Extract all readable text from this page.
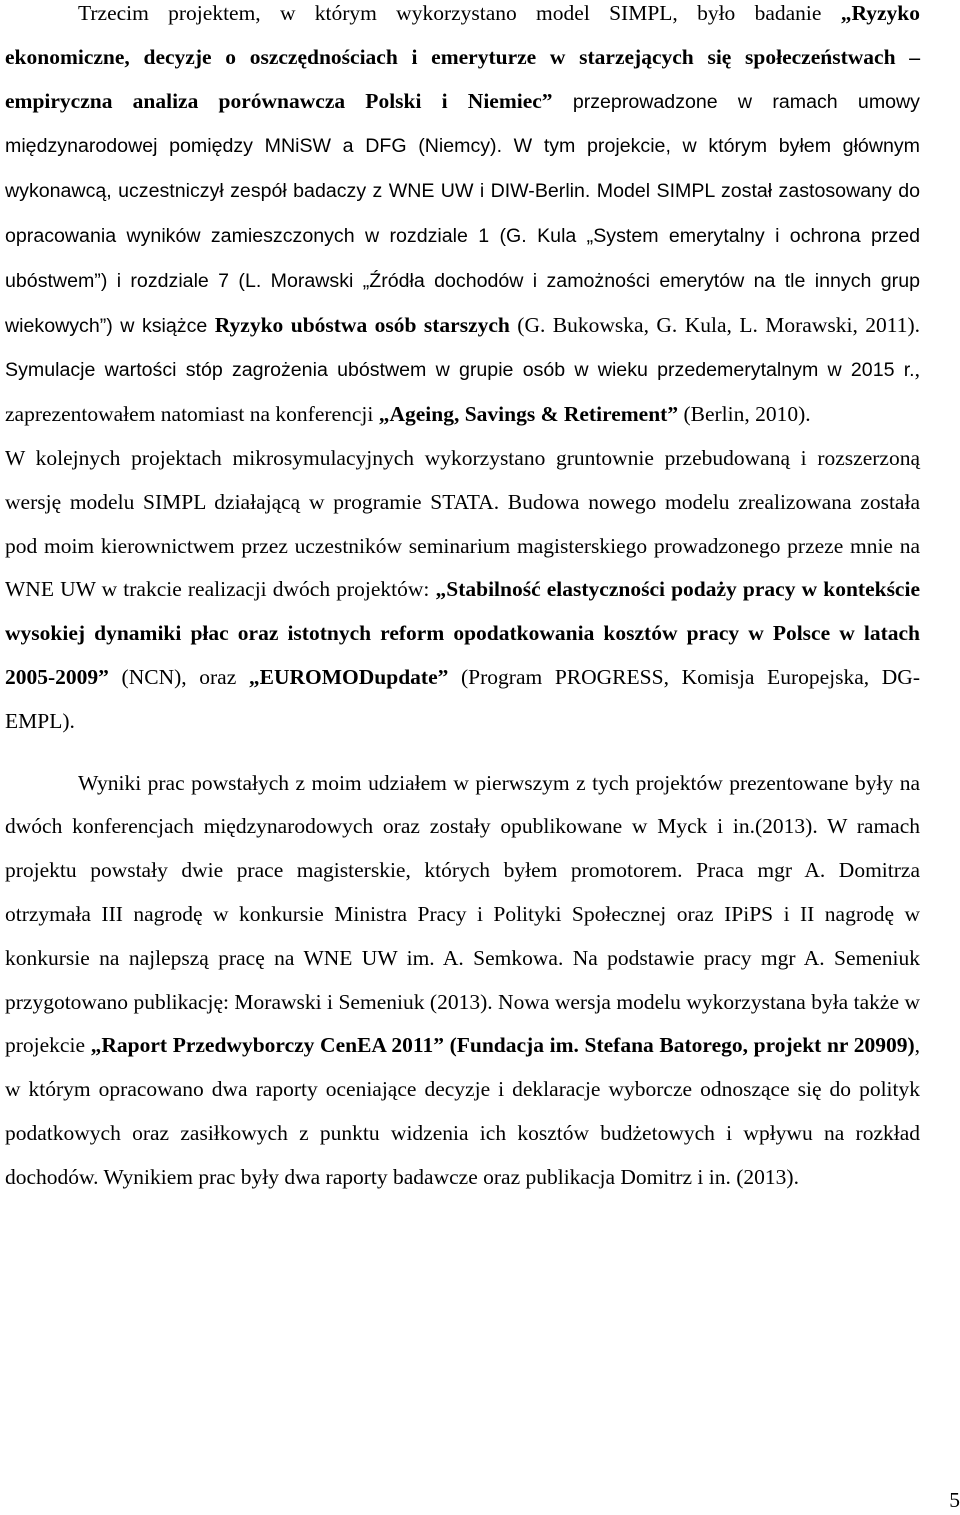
Trzecim projektem, w którym wykorzystano model SIMPL, było badanie „Ryzyko ekonomiczne, decyzje o oszczędnościach i emeryturze w starzejących się społeczeństwach – empiryczna analiza porównawcza Polski i Niemiec” przeprowadzone w ramach umowy międzynarodowej pomiędzy MNiSW a DFG (Niemcy). W tym projekcie, w którym byłem głównym wykonawcą, uczestniczył zespół badaczy z WNE UW i DIW-Berlin. Model SIMPL został zastosowany do opracowania wyników zamieszczonych w rozdziale 1 (G. Kula „System emerytalny i ochrona przed ubóstwem”) i rozdziale 7 (L. Morawski „Źródła dochodów i zamożności emerytów na tle innych grup wiekowych”) w książce Ryzyko ubóstwa osób starszych (G. Bukowska, G. Kula, L. Morawski, 2011). Symulacje wartości stóp zagrożenia ubóstwem w grupie osób w wieku przedemerytalnym w 2015 r., zaprezentowałem natomiast na konferencji „Ageing, Savings & Retirement” (Berlin, 2010).

W kolejnych projektach mikrosymulacyjnych wykorzystano gruntownie przebudowaną i rozszerzoną wersję modelu SIMPL działającą w programie STATA. Budowa nowego modelu zrealizowana została pod moim kierownictwem przez uczestników seminarium magisterskiego prowadzonego przeze mnie na WNE UW w trakcie realizacji dwóch projektów: „Stabilność elastyczności podaży pracy w kontekście wysokiej dynamiki płac oraz istotnych reform opodatkowania kosztów pracy w Polsce w latach 2005-2009” (NCN), oraz „EUROMODupdate” (Program PROGRESS, Komisja Europejska, DG-EMPL).

Wyniki prac powstałych z moim udziałem w pierwszym z tych projektów prezentowane były na dwóch konferencjach międzynarodowych oraz zostały opublikowane w Myck i in.(2013). W ramach projektu powstały dwie prace magisterskie, których byłem promotorem. Praca mgr A. Domitrza otrzymała III nagrodę w konkursie Ministra Pracy i Polityki Społecznej oraz IPiPS i II nagrodę w konkursie na najlepszą pracę na WNE UW im. A. Semkowa. Na podstawie pracy mgr A. Semeniuk przygotowano publikację: Morawski i Semeniuk (2013). Nowa wersja modelu wykorzystana była także w projekcie „Raport Przedwyborczy CenEA 2011” (Fundacja im. Stefana Batorego, projekt nr 20909), w którym opracowano dwa raporty oceniające decyzje i deklaracje wyborcze odnoszące się do polityk podatkowych oraz zasiłkowych z punktu widzenia ich kosztów budżetowych i wpływu na rozkład dochodów. Wynikiem prac były dwa raporty badawcze oraz publikacja Domitrz i in. (2013).

5
